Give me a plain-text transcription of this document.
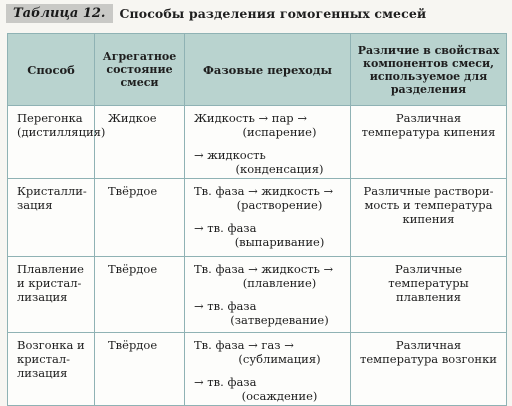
Таблица 12.	Способы разделения гомогенных смесей
Способ	Агрегатное состояние смеси	Фазовые переходы	Различие в свойствах компонентов смеси, используемое для разделения
Перегонка (дистилляция)	Жидкое	Жидкость → пар →
(испарение)
→ жидкость
(конденсация)	Различная температура кипения
Кристалли-зация	Твёрдое	Тв. фаза → жидкость →
(растворение)
→ тв. фаза
(выпаривание)	Различные раствори-мость и температура кипения
Плавление и кристал-лизация	Твёрдое	Тв. фаза → жидкость →
(плавление)
→ тв. фаза
(затвердевание)	Различные температуры плавления
Возгонка и кристал-лизация	Твёрдое	Тв. фаза → газ →
(сублимация)
→ тв. фаза
(осаждение)	Различная температура возгонки
